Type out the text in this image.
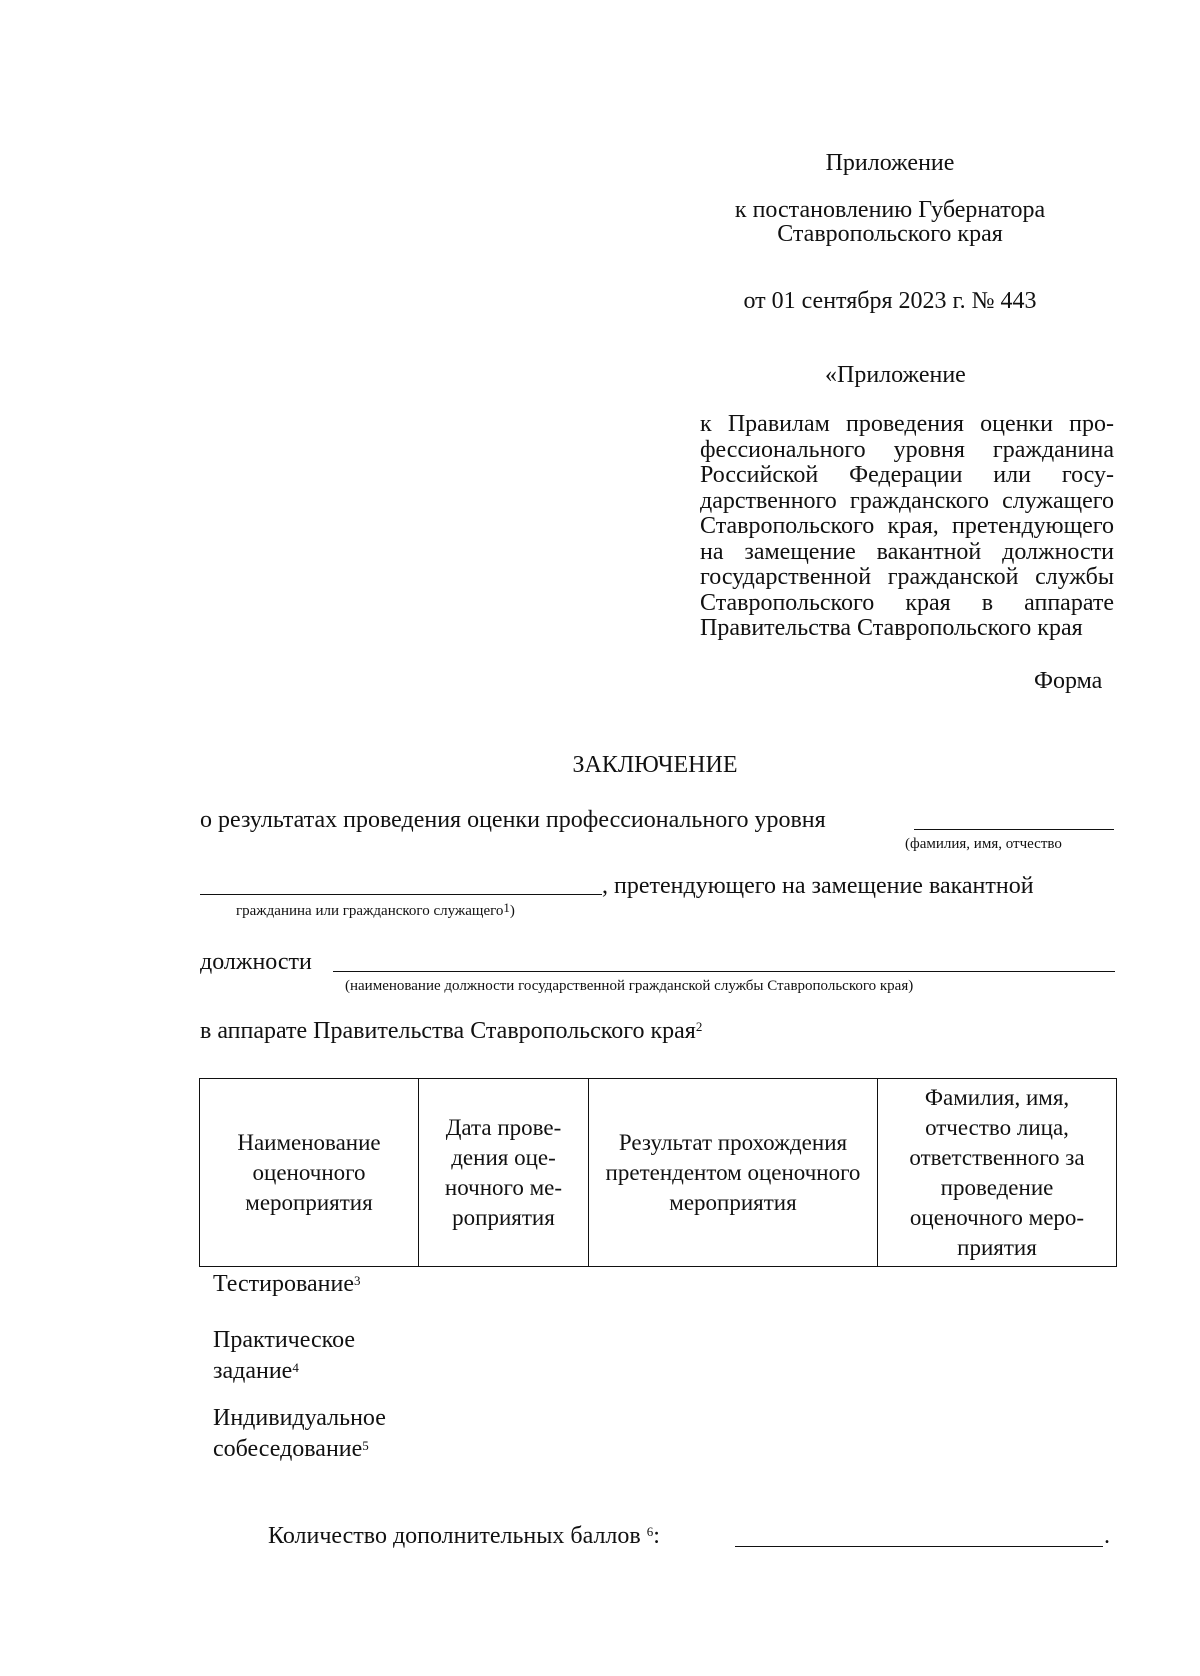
Приложение
к постановлению Губернатора
Ставропольского края
от 01 сентября 2023 г. № 443
«Приложение
к Правилам проведения оценки профессионального уровня гражданина Российской Федерации или государственного гражданского служащего Ставропольского края, претендующего на замещение вакантной должности государственной гражданской службы Ставропольского края в аппарате Правительства Ставропольского края
Форма
ЗАКЛЮЧЕНИЕ
о результатах проведения оценки профессионального уровня
(фамилия, имя, отчество
, претендующего на замещение вакантной
гражданина или гражданского служащего$^1$)
должности
(наименование должности государственной гражданской службы Ставропольского края)
в аппарате Правительства Ставропольского края$^2$
Наименование оценочного мероприятия	Дата проведения оценочного мероприятия	Результат прохождения претендентом оценочного мероприятия	Фамилия, имя, отчество лица, ответственного за проведение оценочного мероприятия
Тестирование$^3$
Практическое
задание$^4$
Индивидуальное
собеседование$^5$
Количество дополнительных баллов $^6$:	.
